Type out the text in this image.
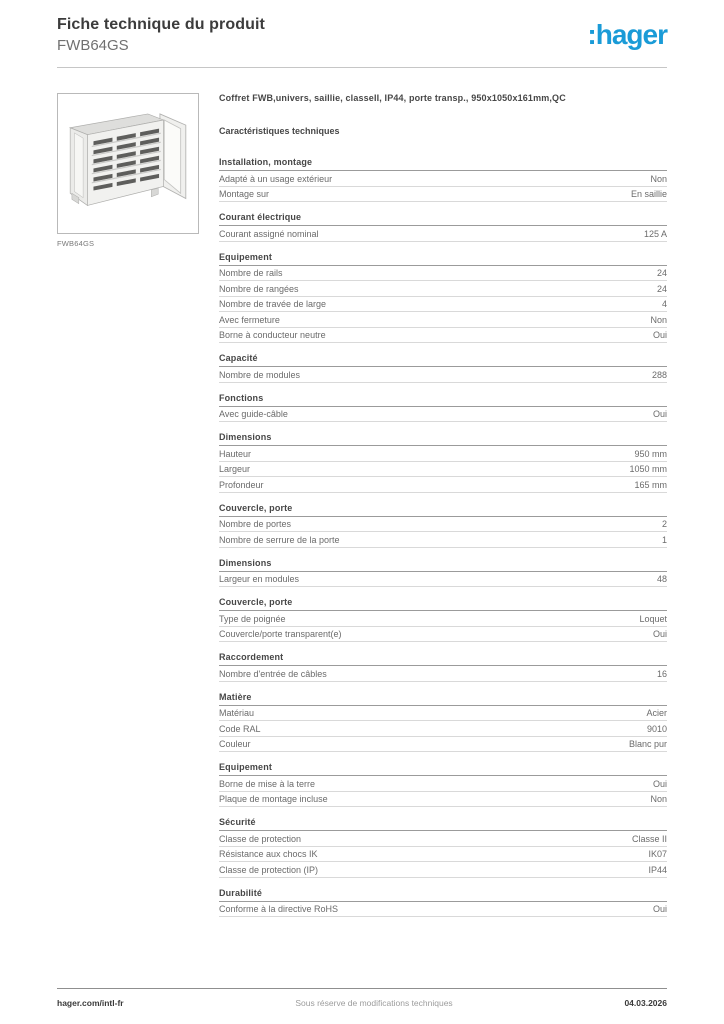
Fiche technique du produit
FWB64GS	:hager
FWB64GS
Coffret FWB,univers, saillie, classeII, IP44, porte transp., 950x1050x161mm,QC
Caractéristiques techniques
Installation, montage
Adapté à un usage extérieur	Non
Montage sur	En saillie
Courant électrique
Courant assigné nominal	125 A
Equipement
Nombre de rails	24
Nombre de rangées	24
Nombre de travée de large	4
Avec fermeture	Non
Borne à conducteur neutre	Oui
Capacité
Nombre de modules	288
Fonctions
Avec guide-câble	Oui
Dimensions
Hauteur	950 mm
Largeur	1050 mm
Profondeur	165 mm
Couvercle, porte
Nombre de portes	2
Nombre de serrure de la porte	1
Dimensions
Largeur en modules	48
Couvercle, porte
Type de poignée	Loquet
Couvercle/porte transparent(e)	Oui
Raccordement
Nombre d'entrée de câbles	16
Matière
Matériau	Acier
Code RAL	9010
Couleur	Blanc pur
Equipement
Borne de mise à la terre	Oui
Plaque de montage incluse	Non
Sécurité
Classe de protection	Classe II
Résistance aux chocs IK	IK07
Classe de protection (IP)	IP44
Durabilité
Conforme à la directive RoHS	Oui
hager.com/intl-fr	Sous réserve de modifications techniques	04.03.2026
